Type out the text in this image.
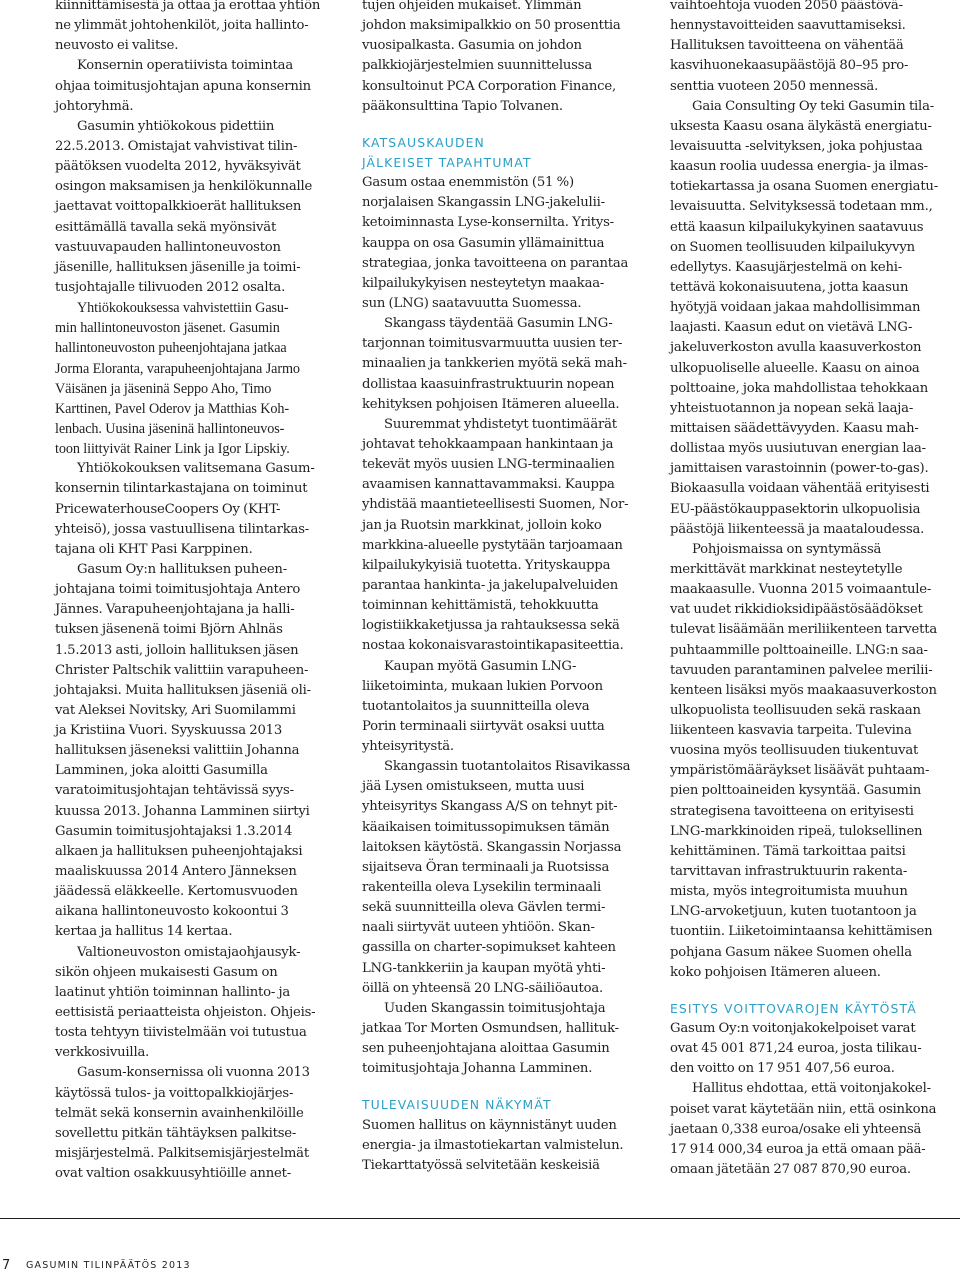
kiinnittämisestä ja ottaa ja erottaa yhtiön
ne ylimmät johtohenkilöt, joita hallinto-
neuvosto ei valitse.
Konsernin operatiivista toimintaa
ohjaa toimitusjohtajan apuna konsernin
johtoryhmä.
Gasumin yhtiökokous pidettiin
22.5.2013. Omistajat vahvistivat tilin-
päätöksen vuodelta 2012, hyväksyivät
osingon maksamisen ja henkilökunnalle
jaettavat voittopalkkioerät hallituksen
esittämällä tavalla sekä myönsivät
vastuuvapauden hallintoneuvoston
jäsenille, hallituksen jäsenille ja toimi-
tusjohtajalle tilivuoden 2012 osalta.
Yhtiökokouksessa vahvistettiin Gasu-
min hallintoneuvoston jäsenet. Gasumin
hallintoneuvoston puheenjohtajana jatkaa
Jorma Eloranta, varapuheenjohtajana Jarmo
Väisänen ja jäseninä Seppo Aho, Timo
Karttinen, Pavel Oderov ja Matthias Koh-
lenbach. Uusina jäseninä hallintoneuvos-
toon liittyivät Rainer Link ja Igor Lipskiy.
Yhtiökokouksen valitsemana Gasum-
konsernin tilintarkastajana on toiminut
PricewaterhouseCoopers Oy (KHT-
yhteisö), jossa vastuullisena tilintarkas-
tajana oli KHT Pasi Karppinen.
Gasum Oy:n hallituksen puheen-
johtajana toimi toimitusjohtaja Antero
Jännes. Varapuheenjohtajana ja halli-
tuksen jäsenenä toimi Björn Ahlnäs
1.5.2013 asti, jolloin hallituksen jäsen
Christer Paltschik valittiin varapuheen-
johtajaksi. Muita hallituksen jäseniä oli-
vat Aleksei Novitsky, Ari Suomilammi
ja Kristiina Vuori. Syyskuussa 2013
hallituksen jäseneksi valittiin Johanna
Lamminen, joka aloitti Gasumilla
varatoimitusjohtajan tehtävissä syys-
kuussa 2013. Johanna Lamminen siirtyi
Gasumin toimitusjohtajaksi 1.3.2014
alkaen ja hallituksen puheenjohtajaksi
maaliskuussa 2014 Antero Jänneksen
jäädessä eläkkeelle. Kertomusvuoden
aikana hallintoneuvosto kokoontui 3
kertaa ja hallitus 14 kertaa.
Valtioneuvoston omistajaohjausyk-
sikön ohjeen mukaisesti Gasum on
laatinut yhtiön toiminnan hallinto- ja
eettisistä periaatteista ohjeiston. Ohjeis-
tosta tehtyyn tiivistelmään voi tutustua
verkkosivuilla.
Gasum-konsernissa oli vuonna 2013
käytössä tulos- ja voittopalkkiojärjes-
telmät sekä konsernin avainhenkilöille
sovellettu pitkän tähtäyksen palkitse-
misjärjestelmä. Palkitsemisjärjestelmät
ovat valtion osakkuusyhtiöille annet-
tujen ohjeiden mukaiset. Ylimmän
johdon maksimipalkkio on 50 prosenttia
vuosipalkasta. Gasumia on johdon
palkkiojärjestelmien suunnittelussa
konsultoinut PCA Corporation Finance,
pääkonsulttina Tapio Tolvanen.
KATSAUSKAUDEN
JÄLKEISET TAPAHTUMAT
Gasum ostaa enemmistön (51 %)
norjalaisen Skangassin LNG-jakelulii-
ketoiminnasta Lyse-konsernilta. Yritys-
kauppa on osa Gasumin yllämainittua
strategiaa, jonka tavoitteena on parantaa
kilpailukykyisen nesteytetyn maakaa-
sun (LNG) saatavuutta Suomessa.
Skangass täydentää Gasumin LNG-
tarjonnan toimitusvarmuutta uusien ter-
minaalien ja tankkerien myötä sekä mah-
dollistaa kaasuinfrastruktuurin nopean
kehityksen pohjoisen Itämeren alueella.
Suuremmat yhdistetyt tuontimäärät
johtavat tehokkaampaan hankintaan ja
tekevät myös uusien LNG-terminaalien
avaamisen kannattavammaksi. Kauppa
yhdistää maantieteellisesti Suomen, Nor-
jan ja Ruotsin markkinat, jolloin koko
markkina-alueelle pystytään tarjoamaan
kilpailukykyisiä tuotetta. Yrityskauppa
parantaa hankinta- ja jakelupalveluiden
toiminnan kehittämistä, tehokkuutta
logistiikkaketjussa ja rahtauksessa sekä
nostaa kokonaisvarastointikapasiteettia.
Kaupan myötä Gasumin LNG-
liiketoiminta, mukaan lukien Porvoon
tuotantolaitos ja suunnitteilla oleva
Porin terminaali siirtyvät osaksi uutta
yhteisyritystä.
Skangassin tuotantolaitos Risavikassa
jää Lysen omistukseen, mutta uusi
yhteisyritys Skangass A/S on tehnyt pit-
käaikaisen toimitussopimuksen tämän
laitoksen käytöstä. Skangassin Norjassa
sijaitseva Öran terminaali ja Ruotsissa
rakenteilla oleva Lysekilin terminaali
sekä suunnitteilla oleva Gävlen termi-
naali siirtyvät uuteen yhtiöön. Skan-
gassilla on charter-sopimukset kahteen
LNG-tankkeriin ja kaupan myötä yhti-
öillä on yhteensä 20 LNG-säiliöautoa.
Uuden Skangassin toimitusjohtaja
jatkaa Tor Morten Osmundsen, hallituk-
sen puheenjohtajana aloittaa Gasumin
toimitusjohtaja Johanna Lamminen.
TULEVAISUUDEN NÄKYMÄT
Suomen hallitus on käynnistänyt uuden
energia- ja ilmastotiekartan valmistelun.
Tiekarttatyössä selvitetään keskeisiä
vaihtoehtoja vuoden 2050 päästövä-
hennystavoitteiden saavuttamiseksi.
Hallituksen tavoitteena on vähentää
kasvihuonekaasupäästöjä 80–95 pro-
senttia vuoteen 2050 mennessä.
Gaia Consulting Oy teki Gasumin tila-
uksesta Kaasu osana älykästä energiatu-
levaisuutta -selvityksen, joka pohjustaa
kaasun roolia uudessa energia- ja ilmas-
totiekartassa ja osana Suomen energiatu-
levaisuutta. Selvityksessä todetaan mm.,
että kaasun kilpailukykyinen saatavuus
on Suomen teollisuuden kilpailukyvyn
edellytys. Kaasujärjestelmä on kehi-
tettävä kokonaisuutena, jotta kaasun
hyötyjä voidaan jakaa mahdollisimman
laajasti. Kaasun edut on vietävä LNG-
jakeluverkoston avulla kaasuverkoston
ulkopuoliselle alueelle. Kaasu on ainoa
polttoaine, joka mahdollistaa tehokkaan
yhteistuotannon ja nopean sekä laaja-
mittaisen säädettävyyden. Kaasu mah-
dollistaa myös uusiutuvan energian laa-
jamittaisen varastoinnin (power-to-gas).
Biokaasulla voidaan vähentää erityisesti
EU-päästökauppasektorin ulkopuolisia
päästöjä liikenteessä ja maataloudessa.
Pohjoismaissa on syntymässä
merkittävät markkinat nesteytetylle
maakaasulle. Vuonna 2015 voimaantule-
vat uudet rikkidioksidipäästösäädökset
tulevat lisäämään meriliikenteen tarvetta
puhtaammille polttoaineille. LNG:n saa-
tavuuden parantaminen palvelee merilii-
kenteen lisäksi myös maakaasuverkoston
ulkopuolista teollisuuden sekä raskaan
liikenteen kasvavia tarpeita. Tulevina
vuosina myös teollisuuden tiukentuvat
ympäristömääräykset lisäävät puhtaam-
pien polttoaineiden kysyntää. Gasumin
strategisena tavoitteena on erityisesti
LNG-markkinoiden ripeä, tuloksellinen
kehittäminen. Tämä tarkoittaa paitsi
tarvittavan infrastruktuurin rakenta-
mista, myös integroitumista muuhun
LNG-arvoketjuun, kuten tuotantoon ja
tuontiin. Liiketoimintaansa kehittämisen
pohjana Gasum näkee Suomen ohella
koko pohjoisen Itämeren alueen.
ESITYS VOITTOVAROJEN KÄYTÖSTÄ
Gasum Oy:n voitonjakokelpoiset varat
ovat 45 001 871,24 euroa, josta tilikau-
den voitto on 17 951 407,56 euroa.
Hallitus ehdottaa, että voitonjakokel-
poiset varat käytetään niin, että osinkona
jaetaan 0,338 euroa/osake eli yhteensä
17 914 000,34 euroa ja että omaan pää-
omaan jätetään 27 087 870,90 euroa.
7 GASUMIN TILINPÄÄTÖS 2013
